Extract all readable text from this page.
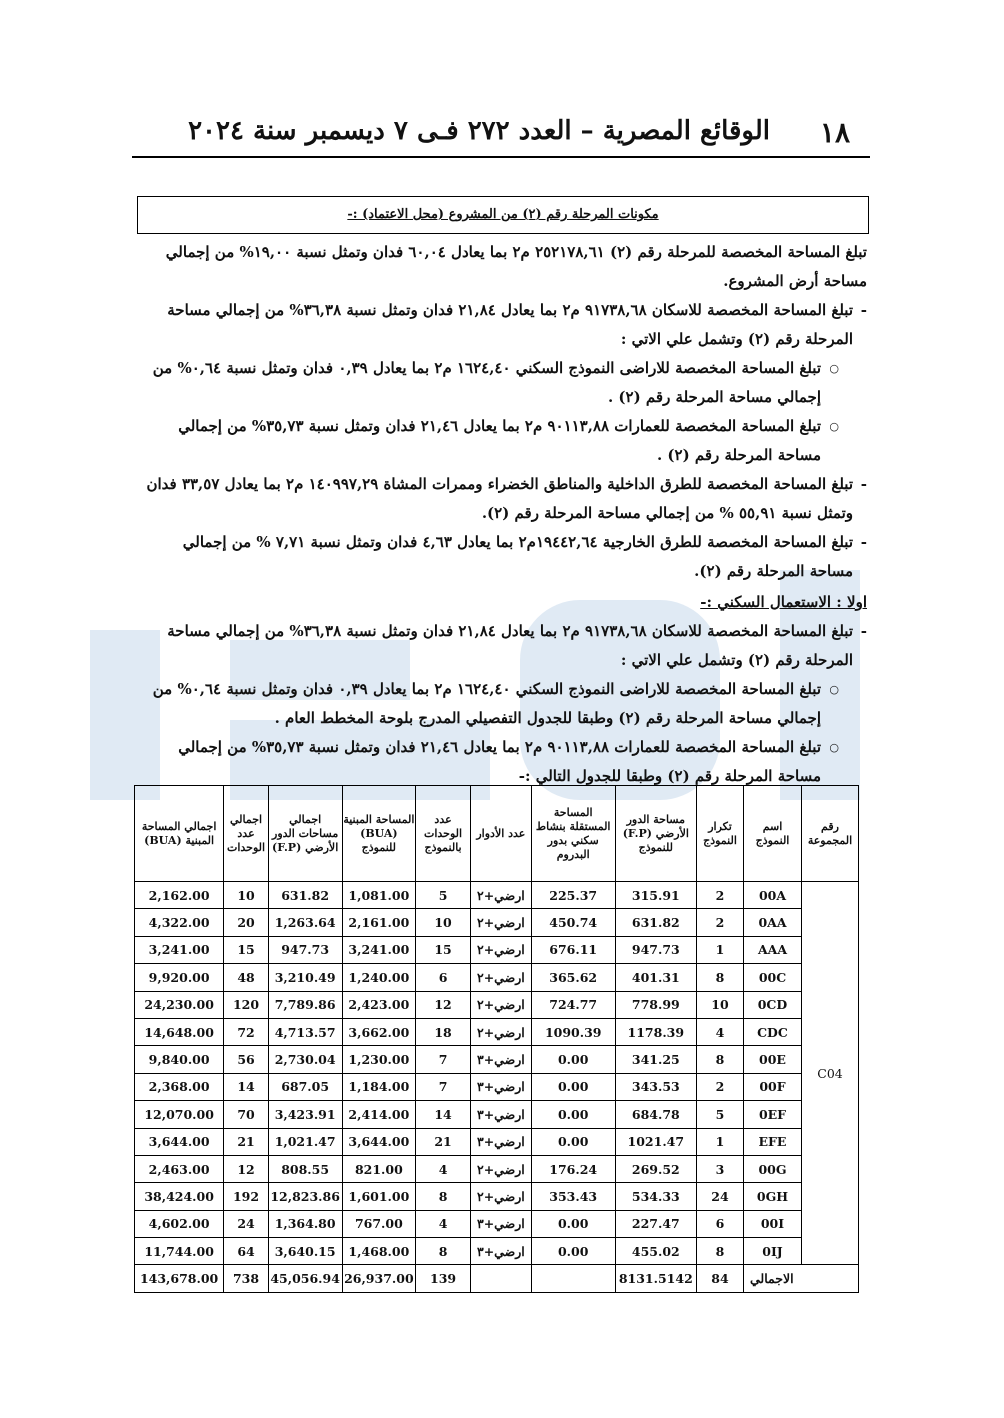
١٨
الوقائع المصرية – العدد ٢٧٢ فـى ٧ ديسمبر سنة ٢٠٢٤
مكونات المرحلة رقم (٢) من المشروع (محل الاعتماد) :-

تبلغ المساحة المخصصة للمرحلة رقم (٢) ٢٥٢١٧٨,٦١ م٢ بما يعادل ٦٠,٠٤ فدان وتمثل نسبة ١٩,٠٠% من إجمالي مساحة أرض المشروع.

- تبلغ المساحة المخصصة للاسكان ٩١٧٣٨,٦٨ م٢ بما يعادل ٢١,٨٤ فدان وتمثل نسبة ٣٦,٣٨% من إجمالي مساحة المرحلة رقم (٢) وتشمل علي الاتي :

○ تبلغ المساحة المخصصة للاراضى النموذج السكني ١٦٢٤,٤٠ م٢ بما يعادل ٠,٣٩ فدان وتمثل نسبة ٠,٦٤% من إجمالي مساحة المرحلة رقم (٢) .

○ تبلغ المساحة المخصصة للعمارات ٩٠١١٣,٨٨ م٢ بما يعادل ٢١,٤٦ فدان وتمثل نسبة ٣٥,٧٣% من إجمالي مساحة المرحلة رقم (٢) .

- تبلغ المساحة المخصصة للطرق الداخلية والمناطق الخضراء وممرات المشاة ١٤٠٩٩٧,٢٩ م٢ بما يعادل ٣٣,٥٧ فدان وتمثل نسبة ٥٥,٩١ % من إجمالي مساحة المرحلة رقم (٢).

- تبلغ المساحة المخصصة للطرق الخارجية ١٩٤٤٢,٦٤م٢ بما يعادل ٤,٦٣ فدان وتمثل نسبة ٧,٧١ % من إجمالي مساحة المرحلة رقم (٢).

اولا : الاستعمال السكني :-

- تبلغ المساحة المخصصة للاسكان ٩١٧٣٨,٦٨ م٢ بما يعادل ٢١,٨٤ فدان وتمثل نسبة ٣٦,٣٨% من إجمالي مساحة المرحلة رقم (٢) وتشمل علي الاتي :

○ تبلغ المساحة المخصصة للاراضى النموذج السكني ١٦٢٤,٤٠ م٢ بما يعادل ٠,٣٩ فدان وتمثل نسبة ٠,٦٤% من إجمالي مساحة المرحلة رقم (٢) وطبقا للجدول التفصيلي المدرج بلوحة المخطط العام .

○ تبلغ المساحة المخصصة للعمارات ٩٠١١٣,٨٨ م٢ بما يعادل ٢١,٤٦ فدان وتمثل نسبة ٣٥,٧٣% من إجمالي مساحة المرحلة رقم (٢) وطبقا للجدول التالي :-

رقم المجموعة	اسم النموذج	تكرار النموذج	مساحة الدور الأرضي (F.P) للنموذج	المساحة المستقلة بنشاط سكني بدور البدروم	عدد الأدوار	عدد الوحدات بالنموذج	المساحة المبنية (BUA) للنموذج	اجمالي مساحات الدور الأرضي (F.P)	اجمالي عدد الوحدات	اجمالي المساحة المبنية (BUA)
C04	00A	2	315.91	225.37	ارضي+٢	5	1,081.00	631.82	10	2,162.00
	0AA	2	631.82	450.74	ارضي+٢	10	2,161.00	1,263.64	20	4,322.00
	AAA	1	947.73	676.11	ارضي+٢	15	3,241.00	947.73	15	3,241.00
	00C	8	401.31	365.62	ارضي+٢	6	1,240.00	3,210.49	48	9,920.00
	0CD	10	778.99	724.77	ارضي+٢	12	2,423.00	7,789.86	120	24,230.00
	CDC	4	1178.39	1090.39	ارضي+٢	18	3,662.00	4,713.57	72	14,648.00
	00E	8	341.25	0.00	ارضي+٣	7	1,230.00	2,730.04	56	9,840.00
	00F	2	343.53	0.00	ارضي+٣	7	1,184.00	687.05	14	2,368.00
	0EF	5	684.78	0.00	ارضي+٣	14	2,414.00	3,423.91	70	12,070.00
	EFE	1	1021.47	0.00	ارضي+٣	21	3,644.00	1,021.47	21	3,644.00
	00G	3	269.52	176.24	ارضي+٢	4	821.00	808.55	12	2,463.00
	0GH	24	534.33	353.43	ارضي+٢	8	1,601.00	12,823.86	192	38,424.00
	00I	6	227.47	0.00	ارضي+٣	4	767.00	1,364.80	24	4,602.00
	0IJ	8	455.02	0.00	ارضي+٣	8	1,468.00	3,640.15	64	11,744.00
الاجمالي		84	8131.5142			139	26,937.00	45,056.94	738	143,678.00
